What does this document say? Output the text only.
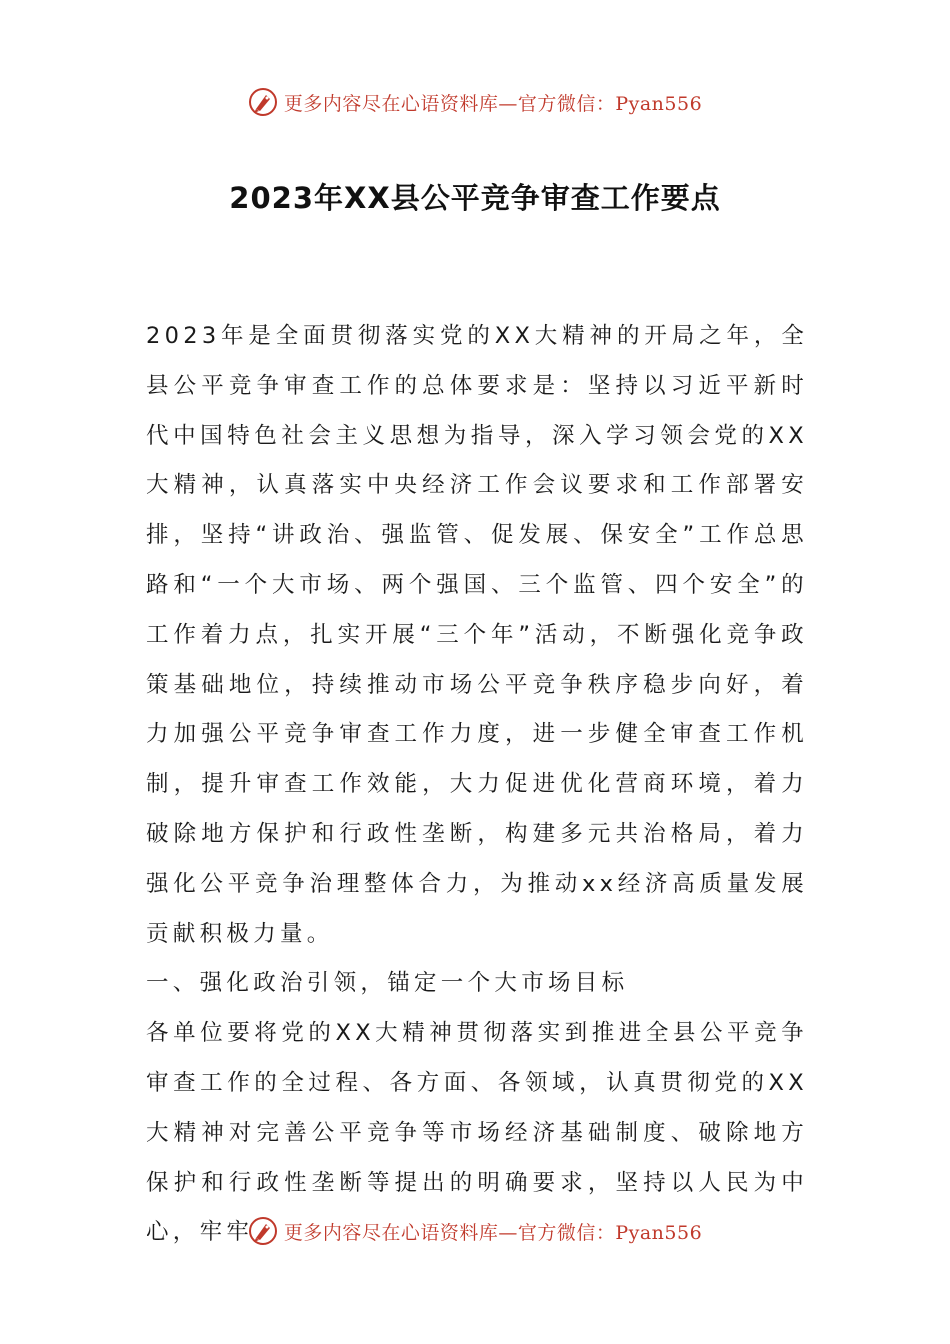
更多内容尽在心语资料库—官方微信：Pyan556
2023年XX县公平竞争审查工作要点

2023年是全面贯彻落实党的XX大精神的开局之年，全县公平竞争审查工作的总体要求是：坚持以习近平新时代中国特色社会主义思想为指导，深入学习领会党的XX大精神，认真落实中央经济工作会议要求和工作部署安排，坚持“讲政治、强监管、促发展、保安全”工作总思路和“一个大市场、两个强国、三个监管、四个安全”的工作着力点，扎实开展“三个年”活动，不断强化竞争政策基础地位，持续推动市场公平竞争秩序稳步向好，着力加强公平竞争审查工作力度，进一步健全审查工作机制，提升审查工作效能，大力促进优化营商环境，着力破除地方保护和行政性垄断，构建多元共治格局，着力强化公平竞争治理整体合力，为推动xx经济高质量发展贡献积极力量。

一、强化政治引领，锚定一个大市场目标

各单位要将党的XX大精神贯彻落实到推进全县公平竞争审查工作的全过程、各方面、各领域，认真贯彻党的XX大精神对完善公平竞争等市场经济基础制度、破除地方保护和行政性垄断等提出的明确要求，坚持以人民为中心，牢牢	更多内容尽在心语资料库—官方微信：Pyan556
